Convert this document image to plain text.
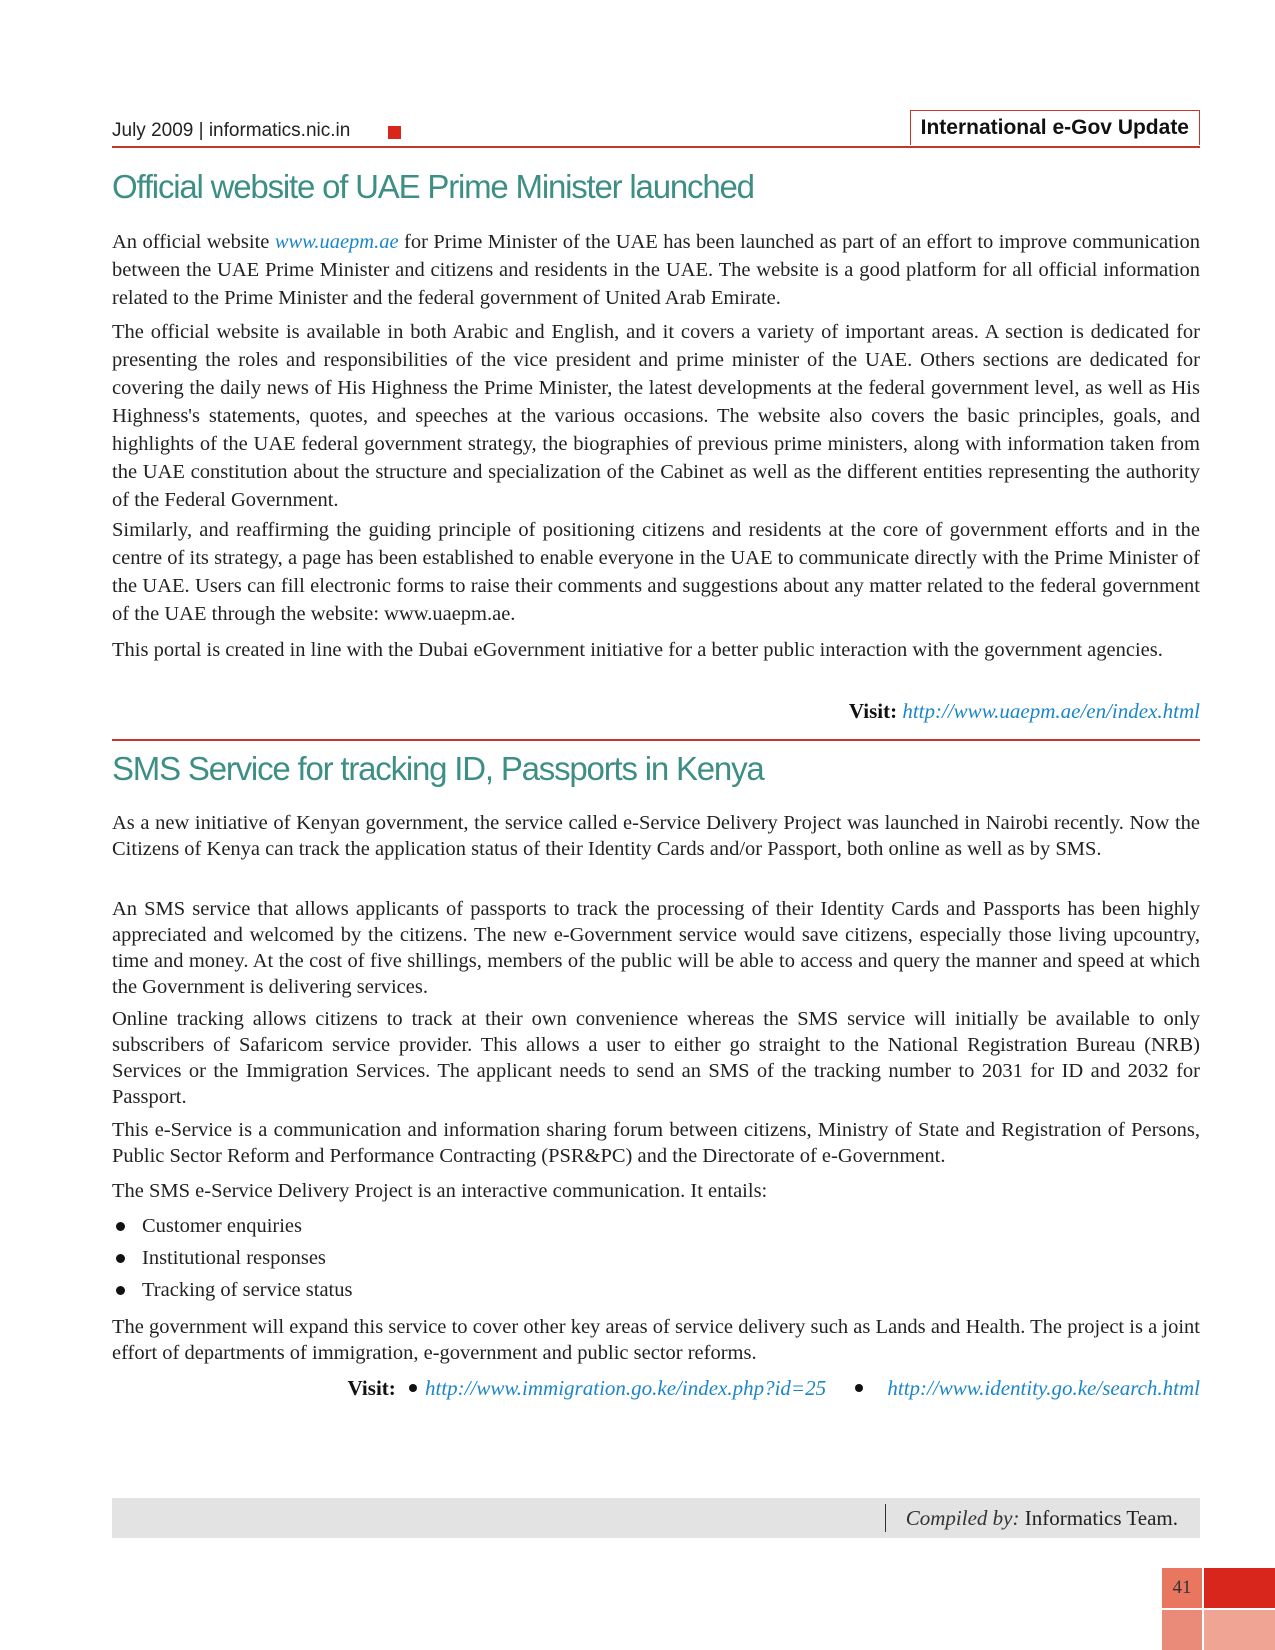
July 2009 | informatics.nic.in	International e-Gov Update
Official website of UAE Prime Minister launched

An official website www.uaepm.ae for Prime Minister of the UAE has been launched as part of an effort to improve communication between the UAE Prime Minister and citizens and residents in the UAE. The website is a good platform for all official information related to the Prime Minister and the federal government of United Arab Emirate.

The official website is available in both Arabic and English, and it covers a variety of important areas. A section is dedicated for presenting the roles and responsibilities of the vice president and prime minister of the UAE. Others sections are dedicated for covering the daily news of His Highness the Prime Minister, the latest developments at the federal government level, as well as His Highness's statements, quotes, and speeches at the various occasions. The website also covers the basic principles, goals, and highlights of the UAE federal government strategy, the biographies of previous prime ministers, along with information taken from the UAE constitution about the structure and specialization of the Cabinet as well as the different entities representing the authority of the Federal Government.

Similarly, and reaffirming the guiding principle of positioning citizens and residents at the core of government efforts and in the centre of its strategy, a page has been established to enable everyone in the UAE to communicate directly with the Prime Minister of the UAE. Users can fill electronic forms to raise their comments and suggestions about any matter related to the federal government of the UAE through the website: www.uaepm.ae.

This portal is created in line with the Dubai eGovernment initiative for a better public interaction with the government agencies.

Visit: http://www.uaepm.ae/en/index.html
SMS Service for tracking ID, Passports in Kenya

As a new initiative of Kenyan government, the service called e-Service Delivery Project was launched in Nairobi recently. Now the Citizens of Kenya can track the application status of their Identity Cards and/or Passport, both online as well as by SMS.

An SMS service that allows applicants of passports to track the processing of their Identity Cards and Passports has been highly appreciated and welcomed by the citizens. The new e-Government service would save citizens, especially those living upcountry, time and money. At the cost of five shillings, members of the public will be able to access and query the manner and speed at which the Government is delivering services.

Online tracking allows citizens to track at their own convenience whereas the SMS service will initially be available to only subscribers of Safaricom service provider. This allows a user to either go straight to the National Registration Bureau (NRB) Services or the Immigration Services. The applicant needs to send an SMS of the tracking number to 2031 for ID and 2032 for Passport.

This e-Service is a communication and information sharing forum between citizens, Ministry of State and Registration of Persons, Public Sector Reform and Performance Contracting (PSR&PC) and the Directorate of e-Government.

The SMS e-Service Delivery Project is an interactive communication. It entails:

Customer enquiries
Institutional responses
Tracking of service status

The government will expand this service to cover other key areas of service delivery such as Lands and Health. The project is a joint effort of departments of immigration, e-government and public sector reforms.

Visit: http://www.immigration.go.ke/index.php?id=25	http://www.identity.go.ke/search.html
Compiled by: Informatics Team.
41
